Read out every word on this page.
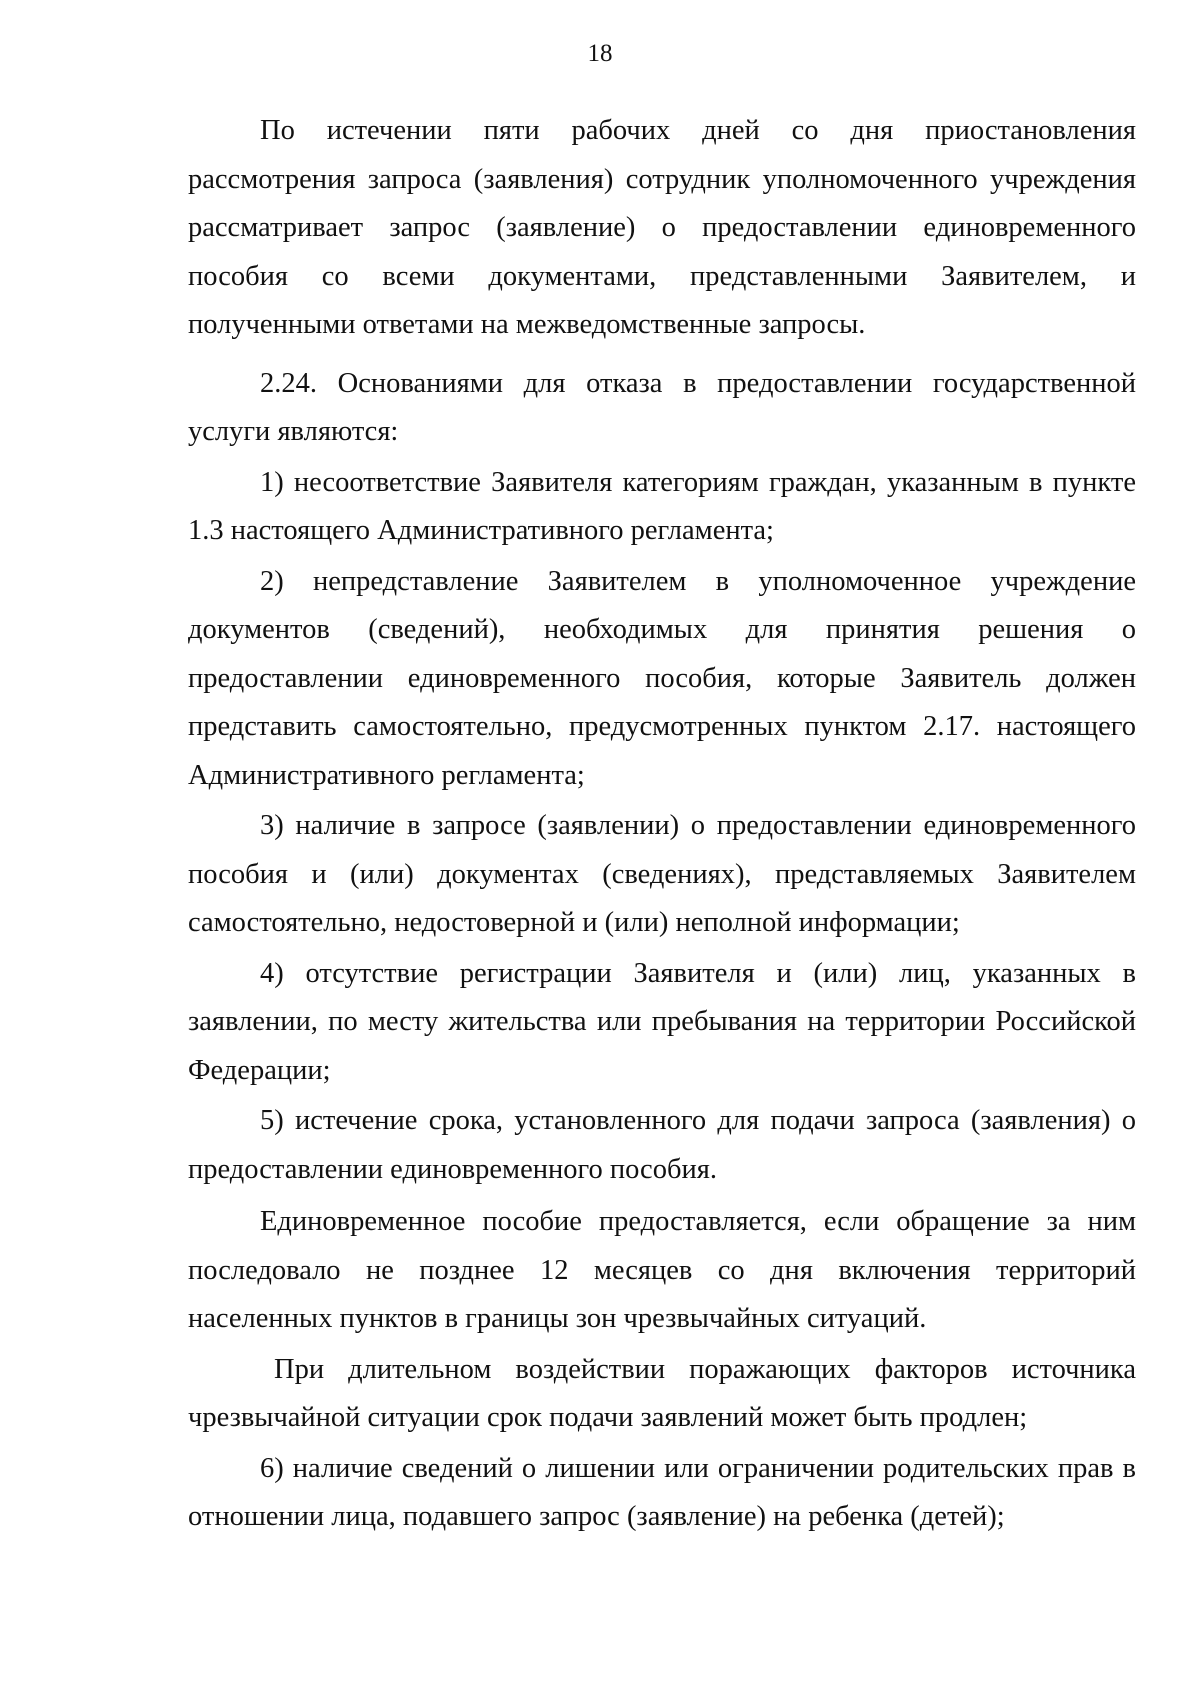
18

По истечении пяти рабочих дней со дня приостановления рассмотрения запроса (заявления) сотрудник уполномоченного учреждения рассматривает запрос (заявление) о предоставлении единовременного пособия со всеми документами, представленными Заявителем, и полученными ответами на межведомственные запросы.

2.24. Основаниями для отказа в предоставлении государственной услуги являются:

1) несоответствие Заявителя категориям граждан, указанным в пункте 1.3 настоящего Административного регламента;

2) непредставление Заявителем в уполномоченное учреждение документов (сведений), необходимых для принятия решения о предоставлении единовременного пособия, которые Заявитель должен представить самостоятельно, предусмотренных пунктом 2.17. настоящего Административного регламента;

3) наличие в запросе (заявлении) о предоставлении единовременного пособия и (или) документах (сведениях), представляемых Заявителем самостоятельно, недостоверной и (или) неполной информации;

4) отсутствие регистрации Заявителя и (или) лиц, указанных в заявлении, по месту жительства или пребывания на территории Российской Федерации;

5) истечение срока, установленного для подачи запроса (заявления) о предоставлении единовременного пособия.

Единовременное пособие предоставляется, если обращение за ним последовало не позднее 12 месяцев со дня включения территорий населенных пунктов в границы зон чрезвычайных ситуаций.

При длительном воздействии поражающих факторов источника чрезвычайной ситуации срок подачи заявлений может быть продлен;

6) наличие сведений о лишении или ограничении родительских прав в отношении лица, подавшего запрос (заявление) на ребенка (детей);
